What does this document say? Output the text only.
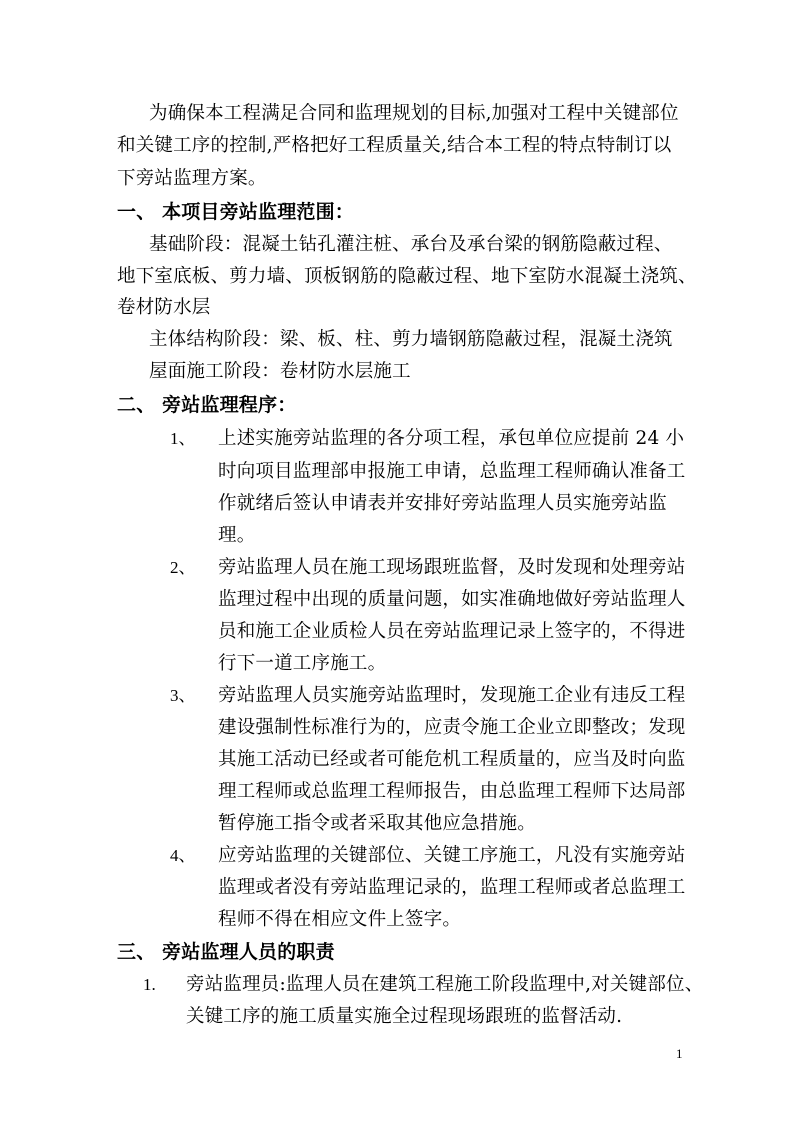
为确保本工程满足合同和监理规划的目标,加强对工程中关键部位
和关键工序的控制,严格把好工程质量关,结合本工程的特点特制订以
下旁站监理方案。
一、 本项目旁站监理范围：
基础阶段：混凝土钻孔灌注桩、承台及承台梁的钢筋隐蔽过程、
地下室底板、剪力墙、顶板钢筋的隐蔽过程、地下室防水混凝土浇筑、
卷材防水层
主体结构阶段：梁、板、柱、剪力墙钢筋隐蔽过程，混凝土浇筑
屋面施工阶段：卷材防水层施工
二、 旁站监理程序：
1、 上述实施旁站监理的各分项工程，承包单位应提前 24 小
时向项目监理部申报施工申请，总监理工程师确认准备工
作就绪后签认申请表并安排好旁站监理人员实施旁站监
理。
2、 旁站监理人员在施工现场跟班监督，及时发现和处理旁站
监理过程中出现的质量问题，如实准确地做好旁站监理人
员和施工企业质检人员在旁站监理记录上签字的，不得进
行下一道工序施工。
3、 旁站监理人员实施旁站监理时，发现施工企业有违反工程
建设强制性标准行为的，应责令施工企业立即整改；发现
其施工活动已经或者可能危机工程质量的，应当及时向监
理工程师或总监理工程师报告，由总监理工程师下达局部
暂停施工指令或者采取其他应急措施。
4、 应旁站监理的关键部位、关键工序施工，凡没有实施旁站
监理或者没有旁站监理记录的，监理工程师或者总监理工
程师不得在相应文件上签字。
三、 旁站监理人员的职责
1. 旁站监理员:监理人员在建筑工程施工阶段监理中,对关键部位、
关键工序的施工质量实施全过程现场跟班的监督活动.
1
